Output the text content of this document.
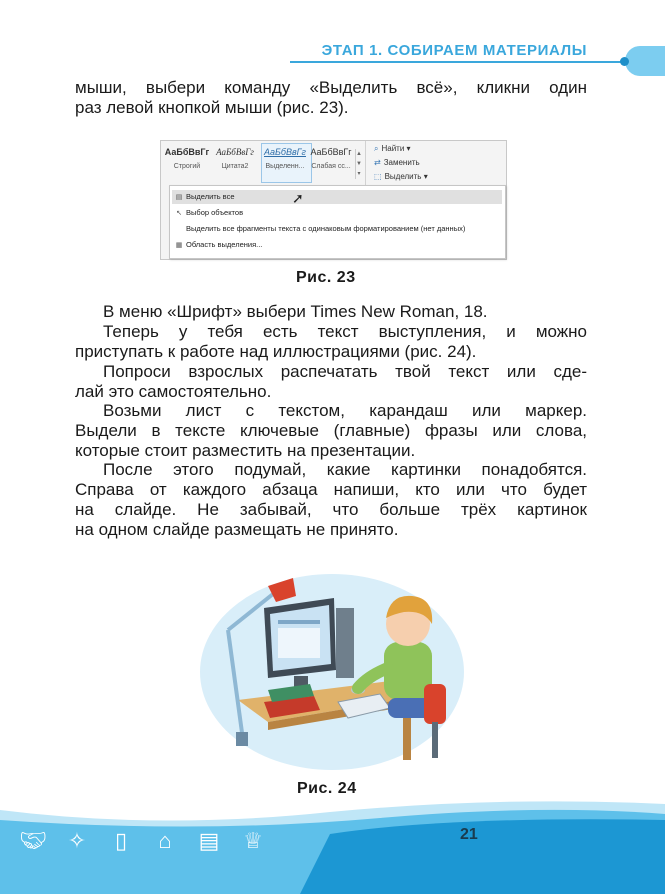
ЭТАП 1. СОБИРАЕМ МАТЕРИАЛЫ

мыши, выбери команду «Выделить всё», кликни один
раз левой кнопкой мыши (рис. 23).

АаБбВвГг
Строгий
АаБбВвГг
Цитата2
АаБбВвГг
Выделенн...
АаБбВвГг
Слабая сс...
▲
▼
▾
⌕ Найти ▾
⇄ Заменить
⬚ Выделить ▾
▤ Выделить все	➚
↖ Выбор объектов
Выделить все фрагменты текста с одинаковым форматированием (нет данных)
▦ Область выделения...
Рис. 23

В меню «Шрифт» выбери Times New Roman, 18.

Теперь у тебя есть текст выступления, и можно
приступать к работе над иллюстрациями (рис. 24).

Попроси взрослых распечатать твой текст или сде-
лай это самостоятельно.

Возьми лист с текстом, карандаш или маркер.
Выдели в тексте ключевые (главные) фразы или слова,
которые стоит разместить на презентации.

После этого подумай, какие картинки понадобятся.
Справа от каждого абзаца напиши, кто или что будет
на слайде. Не забывай, что больше трёх картинок
на одном слайде размещать не принято.

Рис. 24
🤝︎ ✧	▯	⌂	▤ ♕	21
